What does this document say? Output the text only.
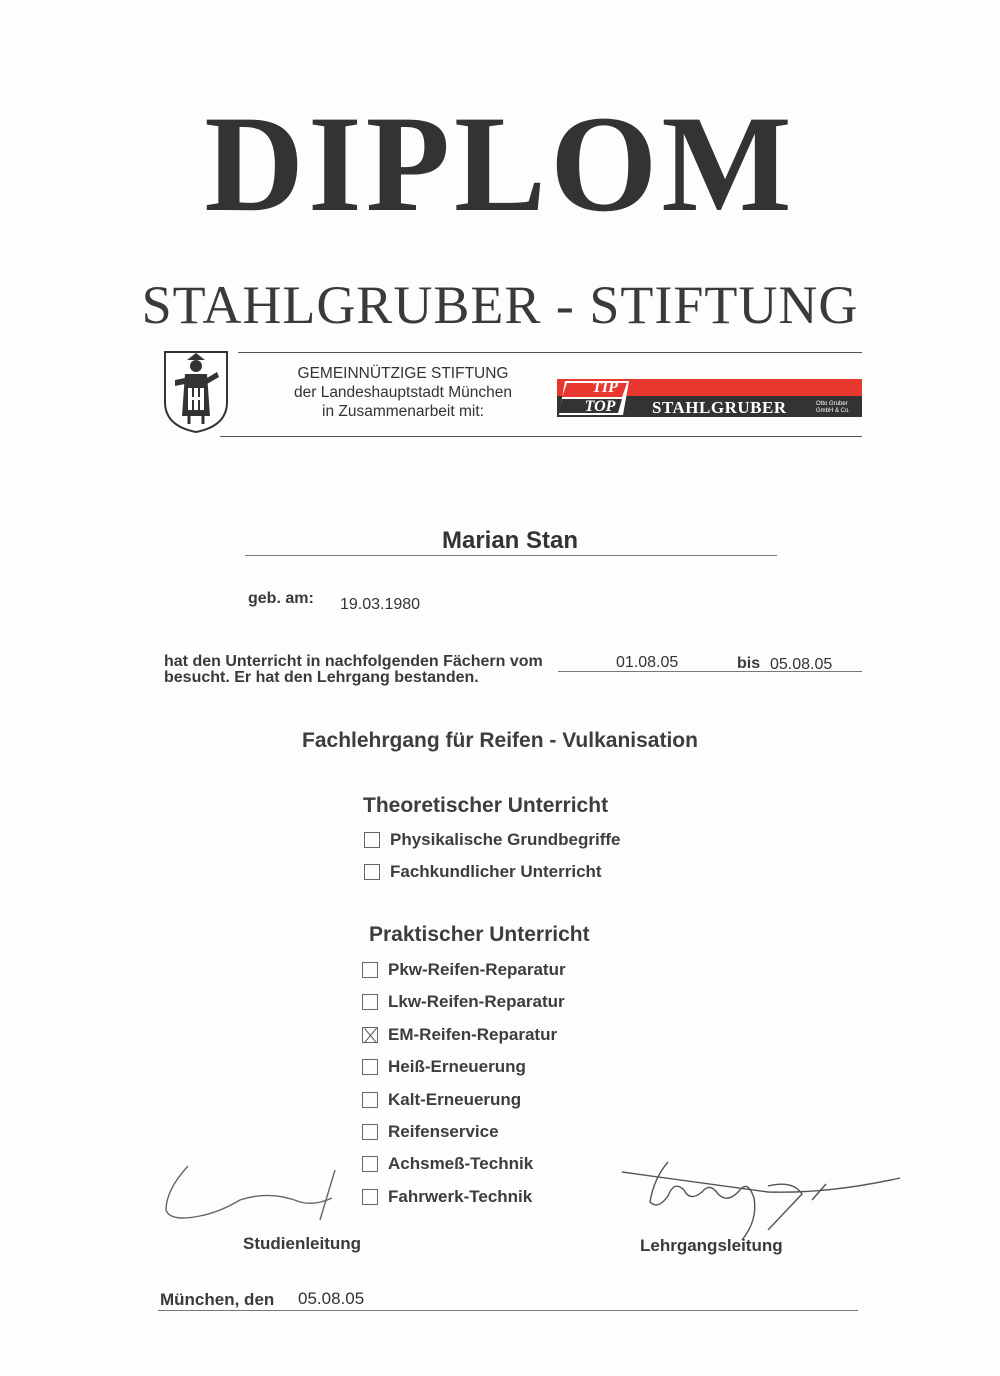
DIPLOM
STAHLGRUBER - STIFTUNG
GEMEINNÜTZIGE STIFTUNG
der Landeshauptstadt München
in Zusammenarbeit mit:
TIP
TOP	STAHLGRUBER	Otto Gruber
GmbH & Co.
Marian Stan
geb. am: 19.03.1980
hat den Unterricht in nachfolgenden Fächern vom	01.08.05	bis 05.08.05
besucht. Er hat den Lehrgang bestanden.
Fachlehrgang für Reifen - Vulkanisation
Theoretischer Unterricht
Physikalische Grundbegriffe
Fachkundlicher Unterricht
Praktischer Unterricht
Pkw-Reifen-Reparatur
Lkw-Reifen-Reparatur
EM-Reifen-Reparatur
Heiß-Erneuerung
Kalt-Erneuerung
Reifenservice
Achsmeß-Technik
Fahrwerk-Technik
Studienleitung	Lehrgangsleitung
München, den 05.08.05
